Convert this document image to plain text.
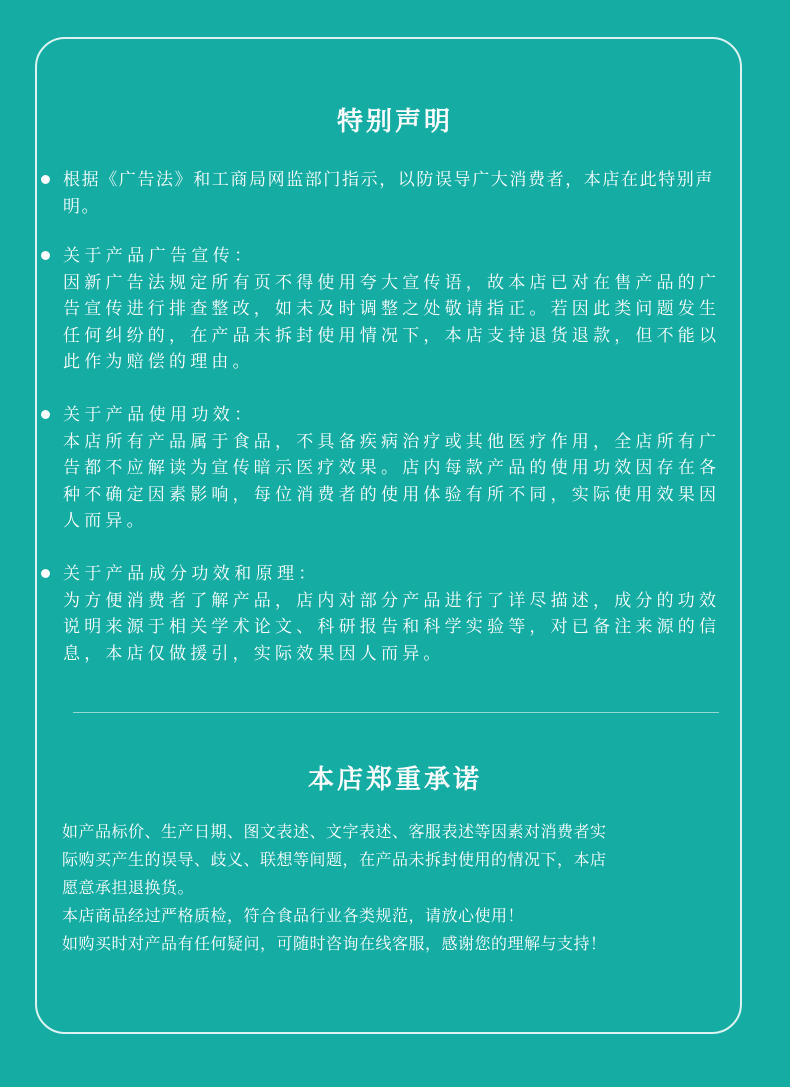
特别声明
根据《广告法》和工商局网监部门指示，以防误导广大消费者，本店在此特别声明。
关于产品广告宣传：
因新广告法规定所有页不得使用夸大宣传语，故本店已对在售产品的广告宣传进行排查整改，如未及时调整之处敬请指正。若因此类问题发生任何纠纷的，在产品未拆封使用情况下，本店支持退货退款，但不能以此作为赔偿的理由。
关于产品使用功效：
本店所有产品属于食品，不具备疾病治疗或其他医疗作用，全店所有广告都不应解读为宣传暗示医疗效果。店内每款产品的使用功效因存在各种不确定因素影响，每位消费者的使用体验有所不同，实际使用效果因人而异。
关于产品成分功效和原理：
为方便消费者了解产品，店内对部分产品进行了详尽描述，成分的功效说明来源于相关学术论文、科研报告和科学实验等，对已备注来源的信息，本店仅做援引，实际效果因人而异。
本店郑重承诺
如产品标价、生产日期、图文表述、文字表述、客服表述等因素对消费者实
际购买产生的误导、歧义、联想等间题，在产品未拆封使用的情况下，本店
愿意承担退换货。
本店商品经过严格质检，符合食品行业各类规范，请放心使用！
如购买时对产品有任何疑问，可随时咨询在线客服，感谢您的理解与支持！
